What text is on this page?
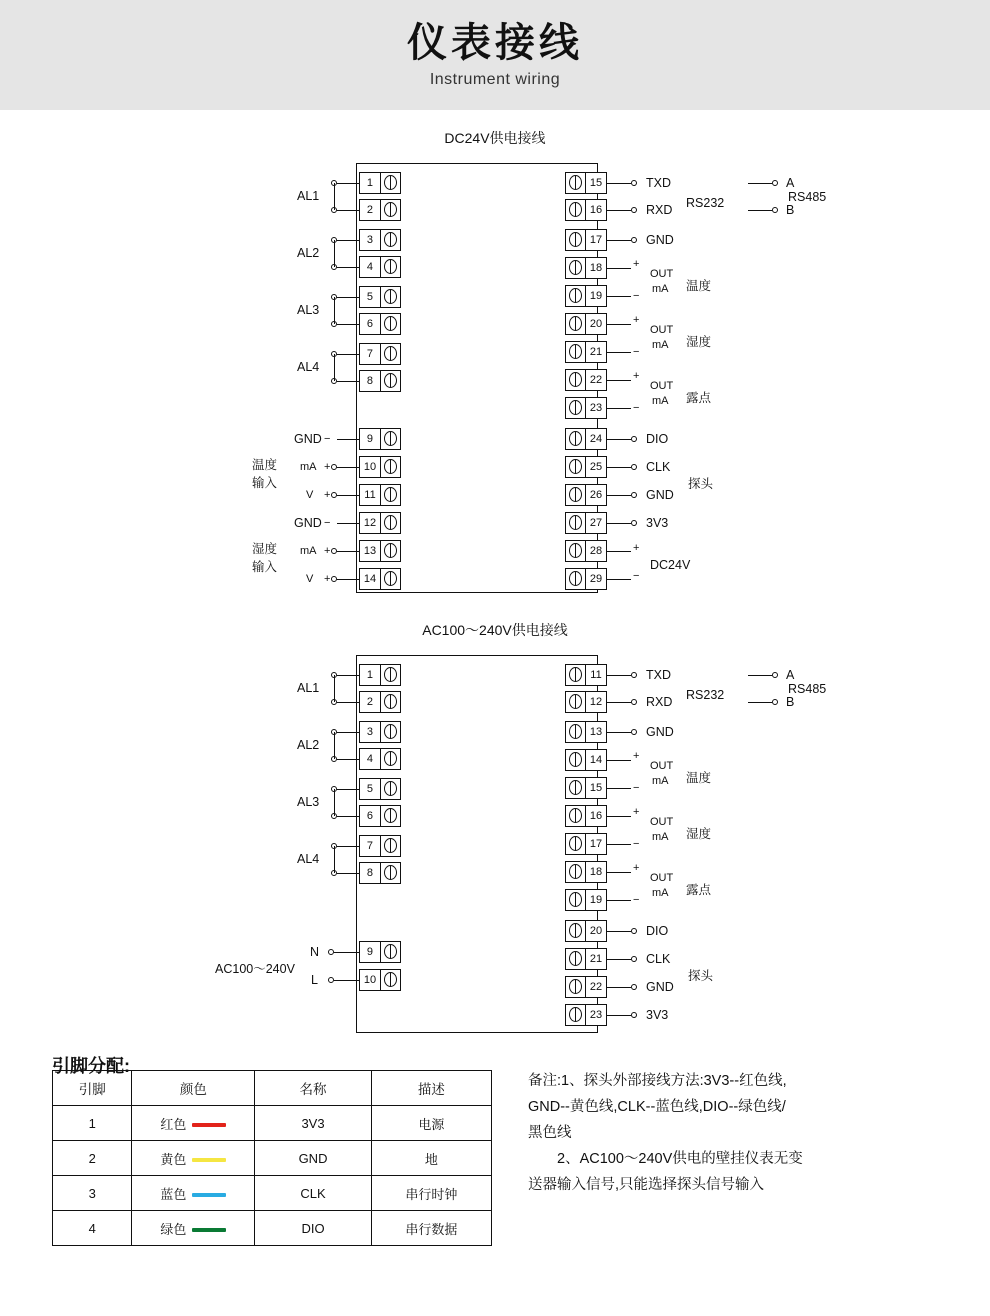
仪表接线
Instrument wiring
DC24V供电接线
1
2
3
4
5
6
7
8
9
10
11
12
13
14
AL1
AL2
AL3
AL4
−
+
+
−
+
+
GND
mA
V
GND
mA
V
温度
输入
湿度
输入
15
16
17
18
19
20
21
22
23
24
25
26
27
28
29
TXD
RXD
GND
RS232
A
B
RS485
+
−
OUT
mA 温度
+
−
OUT
mA 湿度
+
−
OUT
mA 露点
DIO
CLK
GND
3V3
探头
+
−
DC24V
AC100～240V供电接线
1
2
3
4
5
6
7
8
9
10
AL1
AL2
AL3
AL4
N
L
AC100～240V
11
12
13
14
15
16
17
18
19
20
21
22
23
TXD
RXD
GND
RS232
A
B
RS485
+
−
OUT
mA 温度
+
−
OUT
mA 湿度
+
−
OUT
mA 露点
DIO
CLK
GND
3V3
探头
引脚分配:
引脚	颜色	名称	描述
1	红色	3V3	电源
2	黄色	GND	地
3	蓝色	CLK	串行时钟
4	绿色	DIO	串行数据
备注:1、探头外部接线方法:3V3--红色线,
GND--黄色线,CLK--蓝色线,DIO--绿色线/
黑色线
　　2、AC100～240V供电的壁挂仪表无变
送器输入信号,只能选择探头信号输入
